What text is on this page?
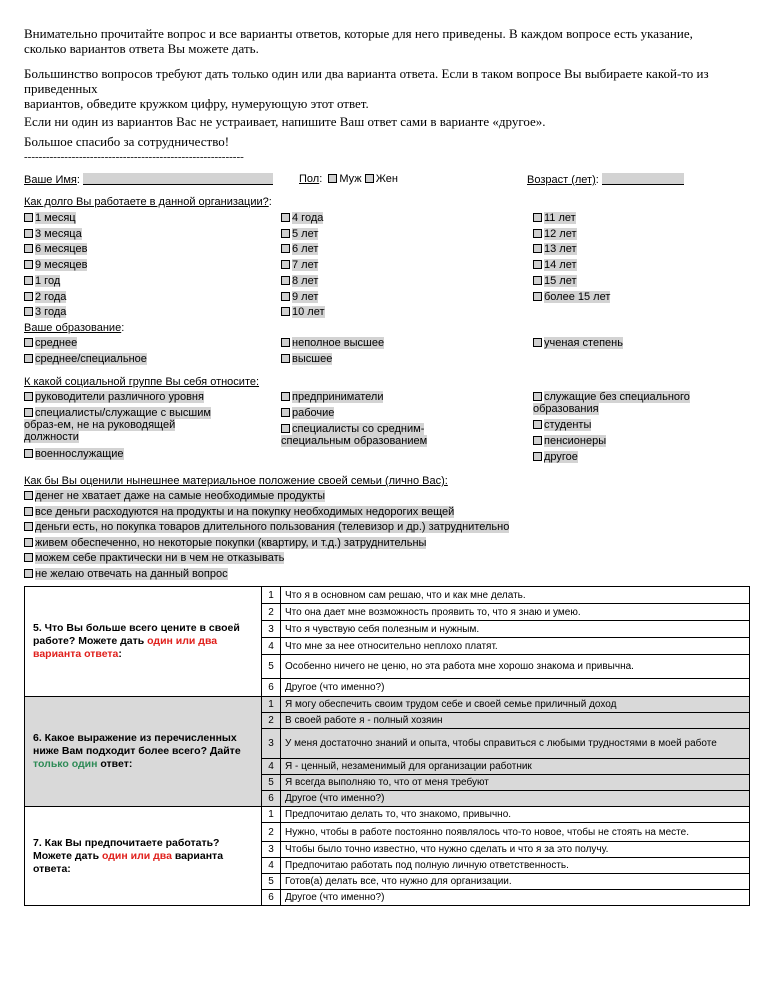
Внимательно прочитайте вопрос и все варианты ответов, которые для него приведены. В каждом вопросе есть указание, сколько вариантов ответа Вы можете дать.
Большинство вопросов требуют дать только один или два варианта ответа. Если в таком вопросе Вы выбираете какой-то из приведенных
вариантов, обведите кружком цифру, нумерующую этот ответ.
Если ни один из вариантов Вас не устраивает, напишите Ваш ответ сами в варианте «другое».
Большое спасибо за сотрудничество!
------------------------------------------------------------
Ваше Имя:	Пол:  Муж Жен	Возраст (лет):
Как долго Вы работаете в данной организации?:
1 месяц
3 месяца
6 месяцев
9 месяцев
1 год
2 года
3 года
4 года
5 лет
6 лет
7 лет
8 лет
9 лет
10 лет
11 лет
12 лет
13 лет
14 лет
15 лет
более 15 лет
Ваше образование:
среднее
среднее/специальное
неполное высшее
высшее
ученая степень
К какой социальной группе Вы себя относите:
руководители различного уровня
специалисты/служащие с высшим
образ-ем, не на руководящей
должности
военнослужащие
предприниматели
рабочие
специалисты со средним-
специальным образованием
служащие без специального
образования
студенты
пенсионеры
другое
Как бы Вы оценили нынешнее материальное положение своей семьи (лично Вас):
денег не хватает даже на самые необходимые продукты
все деньги расходуются на продукты и на покупку необходимых недорогих вещей
деньги есть, но покупка товаров длительного пользования (телевизор и др.) затруднительно
живем обеспеченно, но некоторые покупки (квартиру, и т.д.) затруднительны
можем себе практически ни в чем не отказывать
не желаю отвечать на данный вопрос
5. Что Вы больше всего цените в своей работе? Можете дать один или два варианта ответа:	1	Что я в основном сам решаю, что и как мне делать.
	2	Что она дает мне возможность проявить то, что я знаю и умею.
	3	Что я чувствую себя полезным и нужным.
	4	Что мне за нее относительно неплохо платят.
	5	Особенно ничего не ценю, но эта работа мне хорошо знакома и привычна.
	6	Другое (что именно?)
6. Какое выражение из перечисленных ниже Вам подходит более всего? Дайте только один ответ:	1	Я могу обеспечить своим трудом себе и своей семье приличный доход
	2	В своей работе я - полный хозяин
	3	У меня достаточно знаний и опыта, чтобы справиться с любыми трудностями в моей работе
	4	Я - ценный, незаменимый для организации работник
	5	Я всегда выполняю то, что от меня требуют
	6	Другое (что именно?)
7. Как Вы предпочитаете работать? Можете дать один или два варианта ответа:	1	Предпочитаю делать то, что знакомо, привычно.
	2	Нужно, чтобы в работе постоянно появлялось что-то новое, чтобы не стоять на месте.
	3	Чтобы было точно известно, что нужно сделать и что я за это получу.
	4	Предпочитаю работать под полную личную ответственность.
	5	Готов(а) делать все, что нужно для организации.
	6	Другое (что именно?)
